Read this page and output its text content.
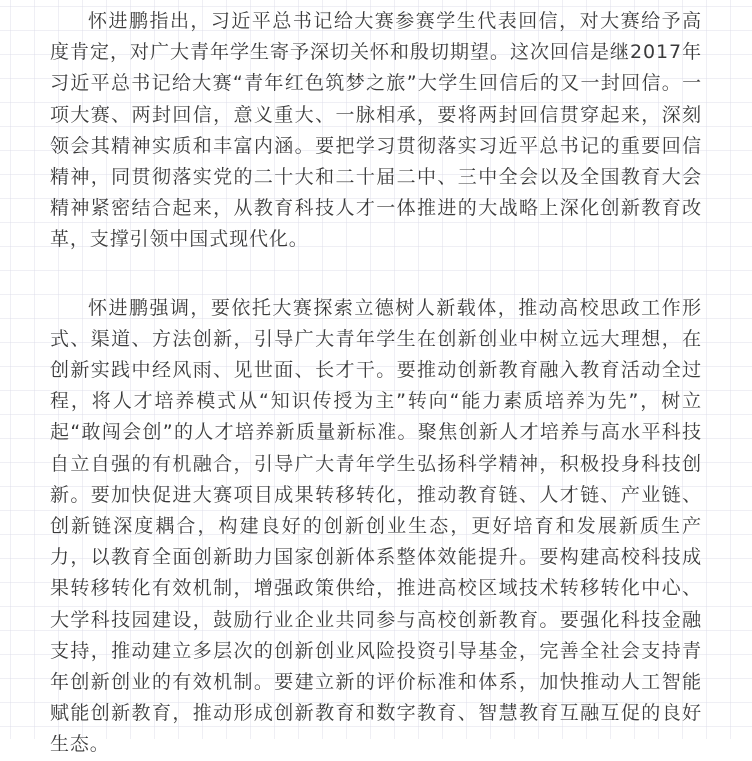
怀进鹏指出，习近平总书记给大赛参赛学生代表回信，对大赛给予高度肯定，对广大青年学生寄予深切关怀和殷切期望。这次回信是继2017年习近平总书记给大赛“青年红色筑梦之旅”大学生回信后的又一封回信。一项大赛、两封回信，意义重大、一脉相承，要将两封回信贯穿起来，深刻领会其精神实质和丰富内涵。要把学习贯彻落实习近平总书记的重要回信精神，同贯彻落实党的二十大和二十届二中、三中全会以及全国教育大会精神紧密结合起来，从教育科技人才一体推进的大战略上深化创新教育改革，支撑引领中国式现代化。

怀进鹏强调，要依托大赛探索立德树人新载体，推动高校思政工作形式、渠道、方法创新，引导广大青年学生在创新创业中树立远大理想，在创新实践中经风雨、见世面、长才干。要推动创新教育融入教育活动全过程，将人才培养模式从“知识传授为主”转向“能力素质培养为先”，树立起“敢闯会创”的人才培养新质量新标准。聚焦创新人才培养与高水平科技自立自强的有机融合，引导广大青年学生弘扬科学精神，积极投身科技创新。要加快促进大赛项目成果转移转化，推动教育链、人才链、产业链、创新链深度耦合，构建良好的创新创业生态，更好培育和发展新质生产力，以教育全面创新助力国家创新体系整体效能提升。要构建高校科技成果转移转化有效机制，增强政策供给，推进高校区域技术转移转化中心、大学科技园建设，鼓励行业企业共同参与高校创新教育。要强化科技金融支持，推动建立多层次的创新创业风险投资引导基金，完善全社会支持青年创新创业的有效机制。要建立新的评价标准和体系，加快推动人工智能赋能创新教育，推动形成创新教育和数字教育、智慧教育互融互促的良好生态。
